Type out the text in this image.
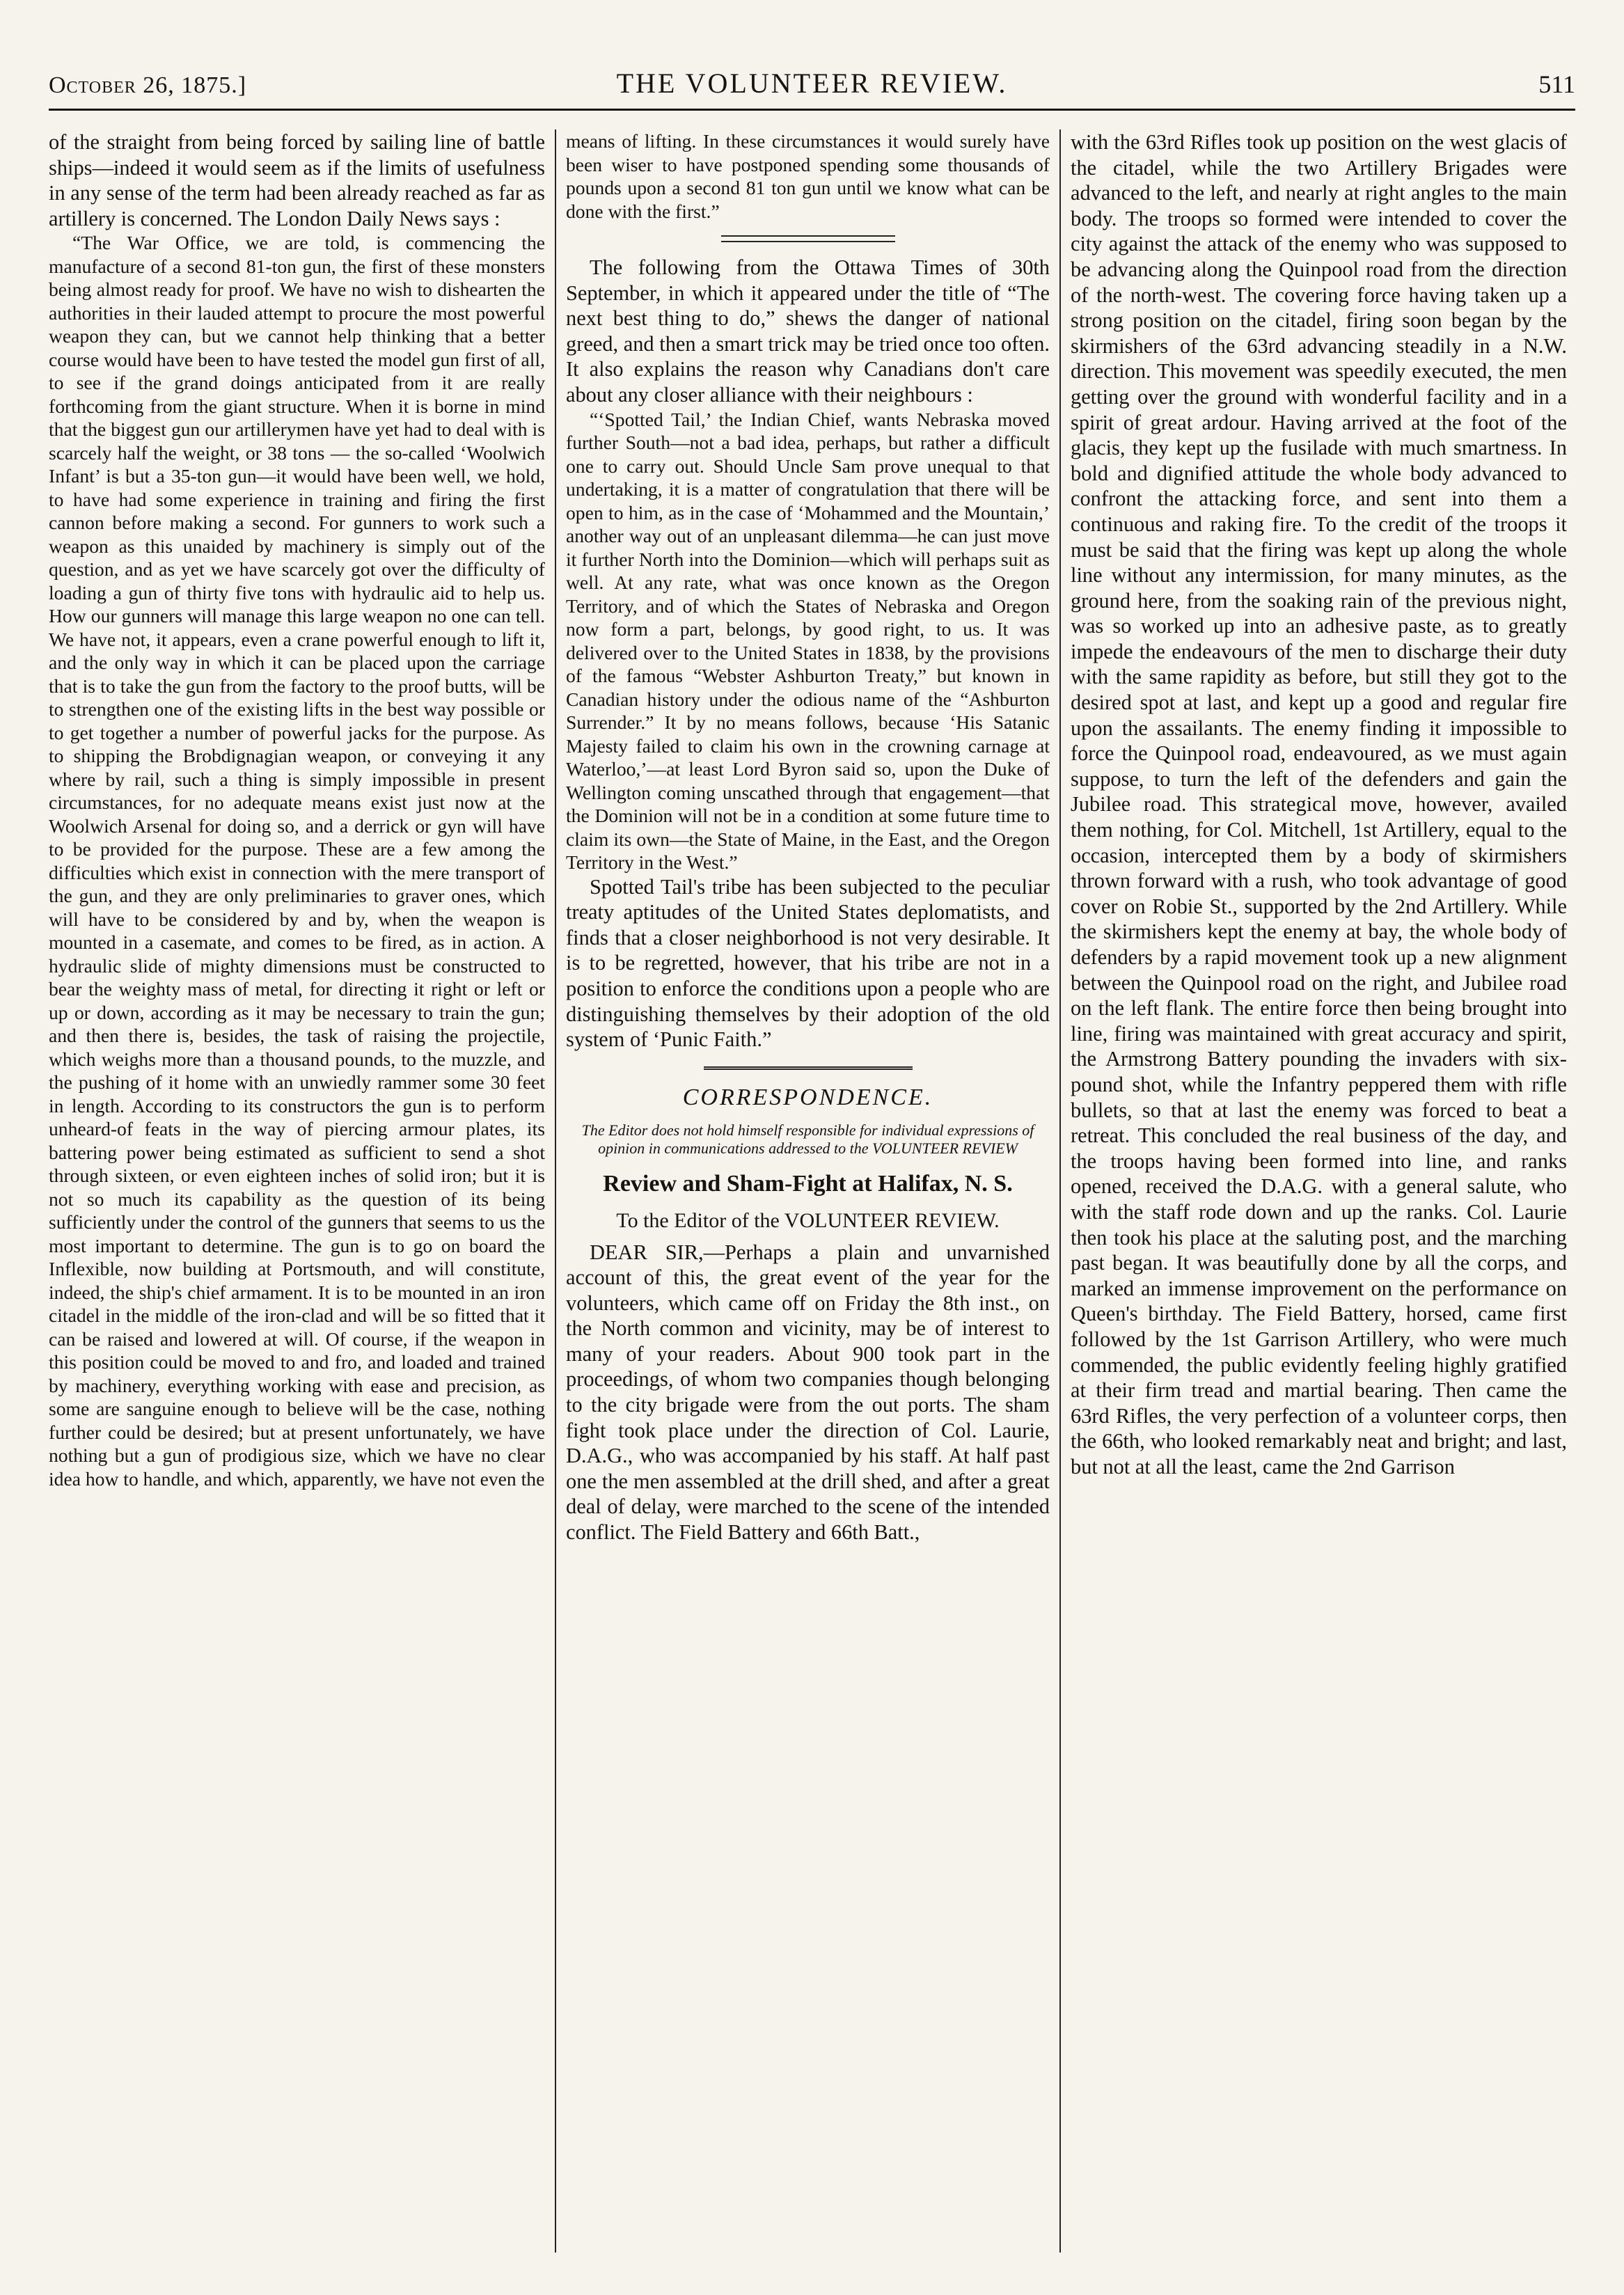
October 26, 1875.]	THE VOLUNTEER REVIEW.	511

of the straight from being forced by sailing line of battle ships—indeed it would seem as if the limits of usefulness in any sense of the term had been already reached as far as artillery is concerned. The London Daily News says :

“The War Office, we are told, is commencing the manufacture of a second 81-ton gun, the first of these monsters being almost ready for proof. We have no wish to dishearten the authorities in their lauded attempt to procure the most powerful weapon they can, but we cannot help thinking that a better course would have been to have tested the model gun first of all, to see if the grand doings anticipated from it are really forthcoming from the giant structure. When it is borne in mind that the biggest gun our artillerymen have yet had to deal with is scarcely half the weight, or 38 tons — the so-called ‘Woolwich Infant’ is but a 35-ton gun—it would have been well, we hold, to have had some experience in training and firing the first cannon before making a second. For gunners to work such a weapon as this unaided by machinery is simply out of the question, and as yet we have scarcely got over the difficulty of loading a gun of thirty five tons with hydraulic aid to help us. How our gunners will manage this large weapon no one can tell. We have not, it appears, even a crane powerful enough to lift it, and the only way in which it can be placed upon the carriage that is to take the gun from the factory to the proof butts, will be to strengthen one of the existing lifts in the best way possible or to get together a number of powerful jacks for the purpose. As to shipping the Brobdignagian weapon, or conveying it any where by rail, such a thing is simply impossible in present circumstances, for no adequate means exist just now at the Woolwich Arsenal for doing so, and a derrick or gyn will have to be provided for the purpose. These are a few among the difficulties which exist in connection with the mere transport of the gun, and they are only preliminaries to graver ones, which will have to be considered by and by, when the weapon is mounted in a casemate, and comes to be fired, as in action. A hydraulic slide of mighty dimensions must be constructed to bear the weighty mass of metal, for directing it right or left or up or down, according as it may be necessary to train the gun; and then there is, besides, the task of raising the projectile, which weighs more than a thousand pounds, to the muzzle, and the pushing of it home with an unwiedly rammer some 30 feet in length. According to its constructors the gun is to perform unheard-of feats in the way of piercing armour plates, its battering power being estimated as sufficient to send a shot through sixteen, or even eighteen inches of solid iron; but it is not so much its capability as the question of its being sufficiently under the control of the gunners that seems to us the most important to determine. The gun is to go on board the Inflexible, now building at Portsmouth, and will constitute, indeed, the ship's chief armament. It is to be mounted in an iron citadel in the middle of the iron-clad and will be so fitted that it can be raised and lowered at will. Of course, if the weapon in this position could be moved to and fro, and loaded and trained by machinery, everything working with ease and precision, as some are sanguine enough to believe will be the case, nothing further could be desired; but at present unfortunately, we have nothing but a gun of prodigious size, which we have no clear idea how to handle, and which, apparently, we have not even the

means of lifting. In these circumstances it would surely have been wiser to have postponed spending some thousands of pounds upon a second 81 ton gun until we know what can be done with the first.”

The following from the Ottawa Times of 30th September, in which it appeared under the title of “The next best thing to do,” shews the danger of national greed, and then a smart trick may be tried once too often. It also explains the reason why Canadians don't care about any closer alliance with their neighbours :

“‘Spotted Tail,’ the Indian Chief, wants Nebraska moved further South—not a bad idea, perhaps, but rather a difficult one to carry out. Should Uncle Sam prove unequal to that undertaking, it is a matter of congratulation that there will be open to him, as in the case of ‘Mohammed and the Mountain,’ another way out of an unpleasant dilemma—he can just move it further North into the Dominion—which will perhaps suit as well. At any rate, what was once known as the Oregon Territory, and of which the States of Nebraska and Oregon now form a part, belongs, by good right, to us. It was delivered over to the United States in 1838, by the provisions of the famous “Webster Ashburton Treaty,” but known in Canadian history under the odious name of the “Ashburton Surrender.” It by no means follows, because ‘His Satanic Majesty failed to claim his own in the crowning carnage at Waterloo,’—at least Lord Byron said so, upon the Duke of Wellington coming unscathed through that engagement—that the Dominion will not be in a condition at some future time to claim its own—the State of Maine, in the East, and the Oregon Territory in the West.”

Spotted Tail's tribe has been subjected to the peculiar treaty aptitudes of the United States deplomatists, and finds that a closer neighborhood is not very desirable. It is to be regretted, however, that his tribe are not in a position to enforce the conditions upon a people who are distinguishing themselves by their adoption of the old system of ‘Punic Faith.”

CORRESPONDENCE.
The Editor does not hold himself responsible for individual expressions of opinion in communications addressed to the VOLUNTEER REVIEW
Review and Sham-Fight at Halifax, N. S.
To the Editor of the VOLUNTEER REVIEW.

DEAR SIR,—Perhaps a plain and unvarnished account of this, the great event of the year for the volunteers, which came off on Friday the 8th inst., on the North common and vicinity, may be of interest to many of your readers. About 900 took part in the proceedings, of whom two companies though belonging to the city brigade were from the out ports. The sham fight took place under the direction of Col. Laurie, D.A.G., who was accompanied by his staff. At half past one the men assembled at the drill shed, and after a great deal of delay, were marched to the scene of the intended conflict. The Field Battery and 66th Batt.,

with the 63rd Rifles took up position on the west glacis of the citadel, while the two Artillery Brigades were advanced to the left, and nearly at right angles to the main body. The troops so formed were intended to cover the city against the attack of the enemy who was supposed to be advancing along the Quinpool road from the direction of the north-west. The covering force having taken up a strong position on the citadel, firing soon began by the skirmishers of the 63rd advancing steadily in a N.W. direction. This movement was speedily executed, the men getting over the ground with wonderful facility and in a spirit of great ardour. Having arrived at the foot of the glacis, they kept up the fusilade with much smartness. In bold and dignified attitude the whole body advanced to confront the attacking force, and sent into them a continuous and raking fire. To the credit of the troops it must be said that the firing was kept up along the whole line without any intermission, for many minutes, as the ground here, from the soaking rain of the previous night, was so worked up into an adhesive paste, as to greatly impede the endeavours of the men to discharge their duty with the same rapidity as before, but still they got to the desired spot at last, and kept up a good and regular fire upon the assailants. The enemy finding it impossible to force the Quinpool road, endeavoured, as we must again suppose, to turn the left of the defenders and gain the Jubilee road. This strategical move, however, availed them nothing, for Col. Mitchell, 1st Artillery, equal to the occasion, intercepted them by a body of skirmishers thrown forward with a rush, who took advantage of good cover on Robie St., supported by the 2nd Artillery. While the skirmishers kept the enemy at bay, the whole body of defenders by a rapid movement took up a new alignment between the Quinpool road on the right, and Jubilee road on the left flank. The entire force then being brought into line, firing was maintained with great accuracy and spirit, the Armstrong Battery pounding the invaders with six-pound shot, while the Infantry peppered them with rifle bullets, so that at last the enemy was forced to beat a retreat. This concluded the real business of the day, and the troops having been formed into line, and ranks opened, received the D.A.G. with a general salute, who with the staff rode down and up the ranks. Col. Laurie then took his place at the saluting post, and the marching past began. It was beautifully done by all the corps, and marked an immense improvement on the performance on Queen's birthday. The Field Battery, horsed, came first followed by the 1st Garrison Artillery, who were much commended, the public evidently feeling highly gratified at their firm tread and martial bearing. Then came the 63rd Rifles, the very perfection of a volunteer corps, then the 66th, who looked remarkably neat and bright; and last, but not at all the least, came the 2nd Garrison
